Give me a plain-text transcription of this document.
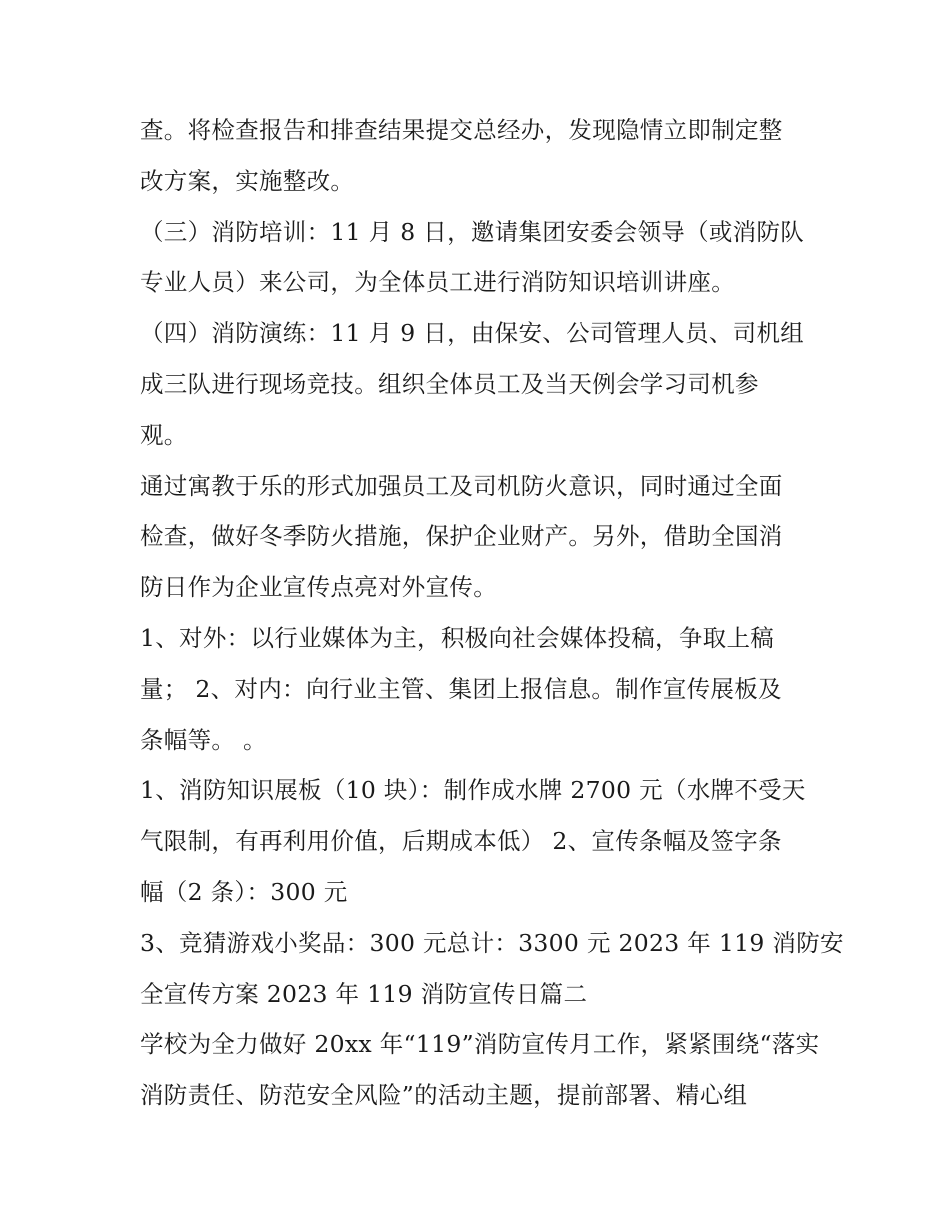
查。将检查报告和排查结果提交总经办，发现隐情立即制定整
改方案，实施整改。
（三）消防培训：11 月 8 日，邀请集团安委会领导（或消防队
专业人员）来公司，为全体员工进行消防知识培训讲座。
（四）消防演练：11 月 9 日，由保安、公司管理人员、司机组
成三队进行现场竞技。组织全体员工及当天例会学习司机参
观。
通过寓教于乐的形式加强员工及司机防火意识，同时通过全面
检查，做好冬季防火措施，保护企业财产。另外，借助全国消
防日作为企业宣传点亮对外宣传。
1、对外：以行业媒体为主，积极向社会媒体投稿，争取上稿
量； 2、对内：向行业主管、集团上报信息。制作宣传展板及
条幅等。 。
1、消防知识展板（10 块）：制作成水牌 2700 元（水牌不受天
气限制，有再利用价值，后期成本低） 2、宣传条幅及签字条
幅（2 条）：300 元
3、竞猜游戏小奖品：300 元总计：3300 元 2023 年 119 消防安
全宣传方案 2023 年 119 消防宣传日篇二
学校为全力做好 20xx 年“119”消防宣传月工作，紧紧围绕“落实
消防责任、防范安全风险”的活动主题，提前部署、精心组
